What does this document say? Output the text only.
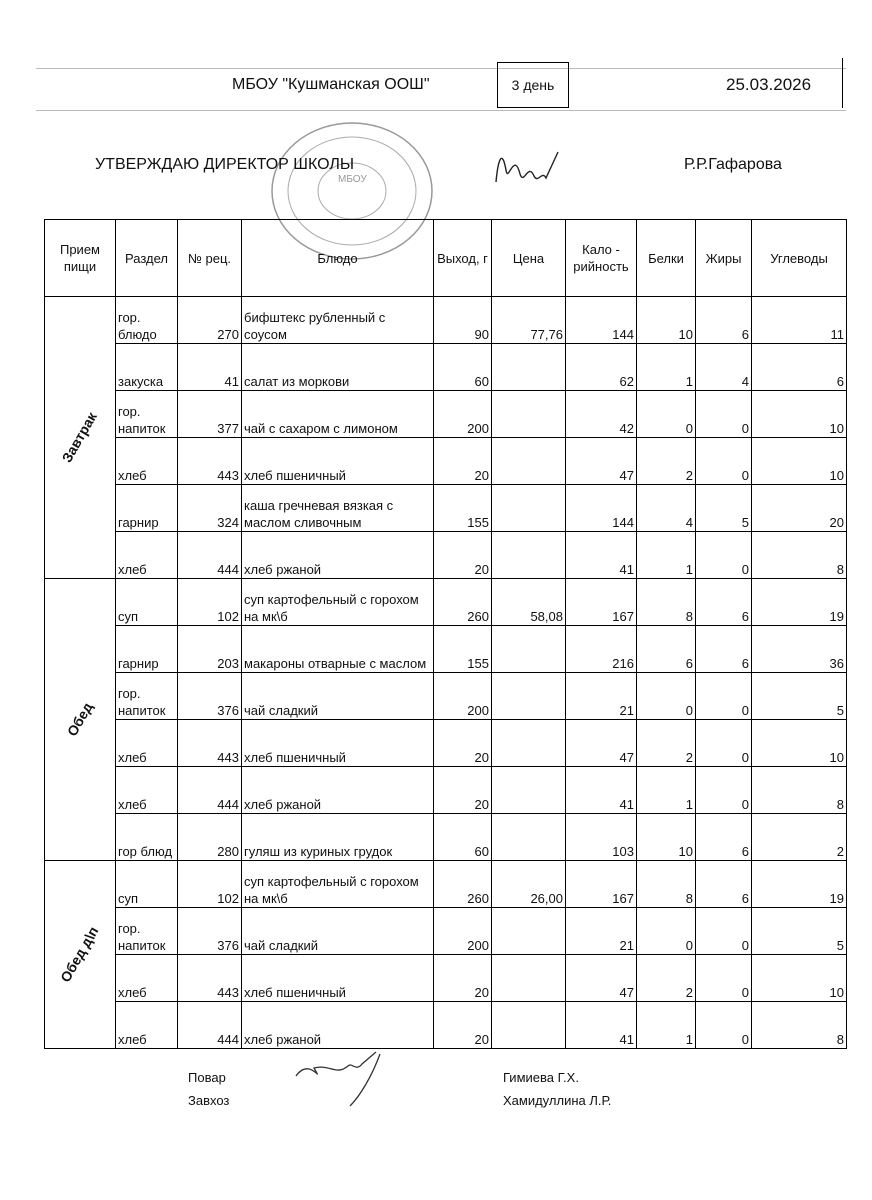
МБОУ "Кушманская ООШ"	3 день	25.03.2026
МБОУ
УТВЕРЖДАЮ ДИРЕКТОР ШКОЛЫ	Р.Р.Гафарова
Прием пищи	Раздел	№ рец.	Блюдо	Выход, г	Цена	Кало - рийность	Белки	Жиры	Углеводы
Завтрак	гор. блюдо	270	бифштекс рубленный с соусом	90	77,76	144	10	6	11
	закуска	41	салат из моркови	60		62	1	4	6
	гор. напиток	377	чай с сахаром с лимоном	200		42	0	0	10
	хлеб	443	хлеб пшеничный	20		47	2	0	10
	гарнир	324	каша гречневая вязкая с маслом сливочным	155		144	4	5	20
	хлеб	444	хлеб ржаной	20		41	1	0	8
Обед	суп	102	суп картофельный с горохом на мк\б	260	58,08	167	8	6	19
	гарнир	203	макароны отварные с маслом	155		216	6	6	36
	гор. напиток	376	чай сладкий	200		21	0	0	5
	хлеб	443	хлеб пшеничный	20		47	2	0	10
	хлеб	444	хлеб ржаной	20		41	1	0	8
	гор блюд	280	гуляш из куриных грудок	60		103	10	6	2
Обед д\п	суп	102	суп картофельный с горохом на мк\б	260	26,00	167	8	6	19
	гор. напиток	376	чай сладкий	200		21	0	0	5
	хлеб	443	хлеб пшеничный	20		47	2	0	10
	хлеб	444	хлеб ржаной	20		41	1	0	8
Повар
Завхоз
Гимиева Г.Х.
Хамидуллина Л.Р.
